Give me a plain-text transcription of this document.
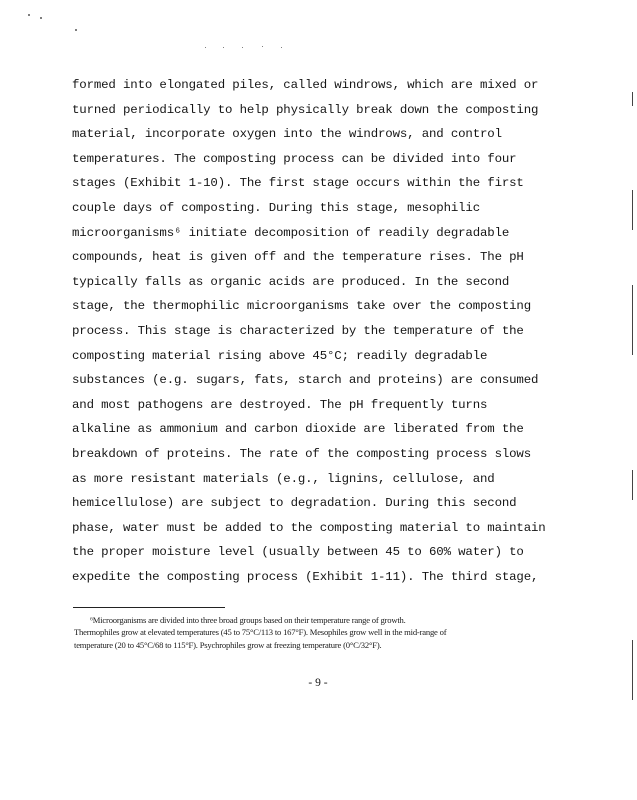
formed into elongated piles, called windrows, which are mixed or
turned periodically to help physically break down the composting
material, incorporate oxygen into the windrows, and control
temperatures. The composting process can be divided into four
stages (Exhibit 1-10). The first stage occurs within the first
couple days of composting. During this stage, mesophilic
microorganisms⁶ initiate decomposition of readily degradable
compounds, heat is given off and the temperature rises. The pH
typically falls as organic acids are produced. In the second
stage, the thermophilic microorganisms take over the composting
process. This stage is characterized by the temperature of the
composting material rising above 45°C; readily degradable
substances (e.g. sugars, fats, starch and proteins) are consumed
and most pathogens are destroyed. The pH frequently turns
alkaline as ammonium and carbon dioxide are liberated from the
breakdown of proteins. The rate of the composting process slows
as more resistant materials (e.g., lignins, cellulose, and
hemicellulose) are subject to degradation. During this second
phase, water must be added to the composting material to maintain
the proper moisture level (usually between 45 to 60% water) to
expedite the composting process (Exhibit 1-11). The third stage,
⁶Microorganisms are divided into three broad groups based on their temperature range of growth.
Thermophiles grow at elevated temperatures (45 to 75°C/113 to 167°F). Mesophiles grow well in the mid-range of
temperature (20 to 45°C/68 to 115°F). Psychrophiles grow at freezing temperature (0°C/32°F).
- 9 -
